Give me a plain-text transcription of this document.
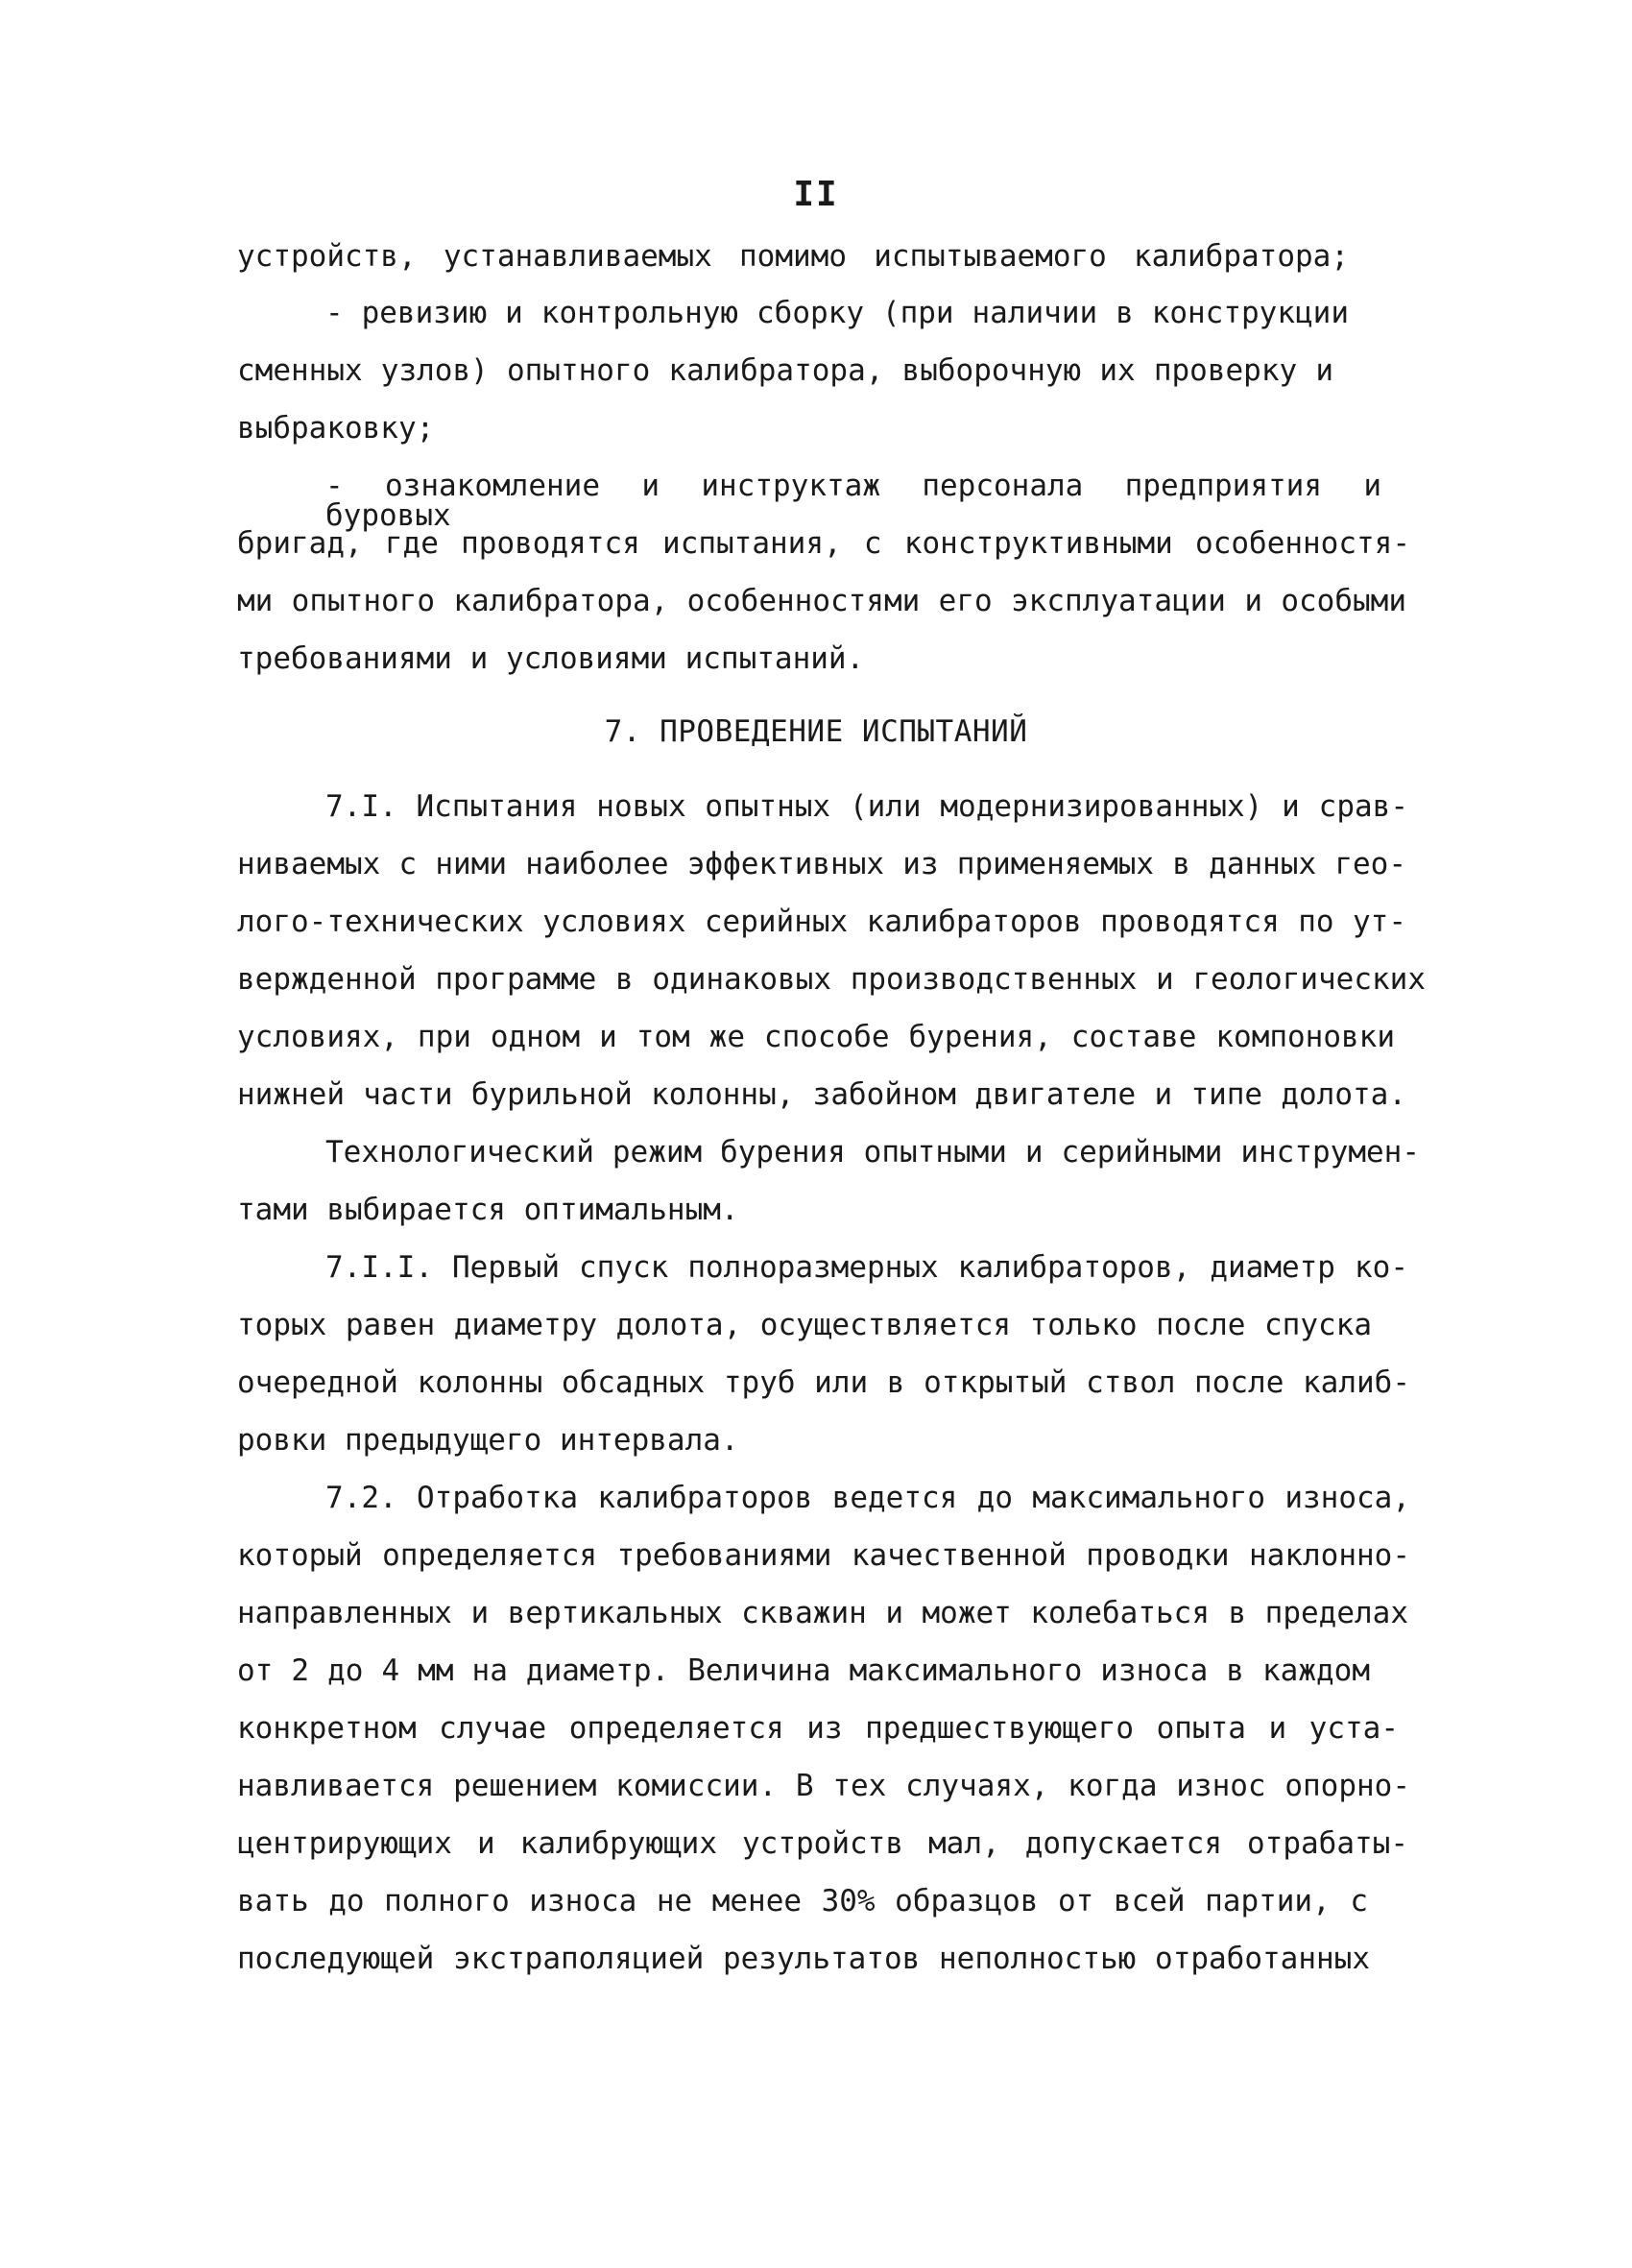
II
устройств, устанавливаемых помимо испытываемого калибратора;
- ревизию и контрольную сборку (при наличии в конструкции
сменных узлов) опытного калибратора, выборочную их проверку и
выбраковку;
- ознакомление и инструктаж персонала предприятия и буровых
бригад, где проводятся испытания, с конструктивными особенностя-
ми опытного калибратора, особенностями его эксплуатации и особыми
требованиями и условиями испытаний.
7. ПРОВЕДЕНИЕ ИСПЫТАНИЙ
7.I. Испытания новых опытных (или модернизированных) и срав-
ниваемых с ними наиболее эффективных из применяемых в данных гео-
лого-технических условиях серийных калибраторов проводятся по ут-
вержденной программе в одинаковых производственных и геологических
условиях, при одном и том же способе бурения, составе компоновки
нижней части бурильной колонны, забойном двигателе и типе долота.
Технологический режим бурения опытными и серийными инструмен-
тами выбирается оптимальным.
7.I.I. Первый спуск полноразмерных калибраторов, диаметр ко-
торых равен диаметру долота, осуществляется только после спуска
очередной колонны обсадных труб или в открытый ствол после калиб-
ровки предыдущего интервала.
7.2. Отработка калибраторов ведется до максимального износа,
который определяется требованиями качественной проводки наклонно-
направленных и вертикальных скважин и может колебаться в пределах
от 2 до 4 мм на диаметр. Величина максимального износа в каждом
конкретном случае определяется из предшествующего опыта и уста-
навливается решением комиссии. В тех случаях, когда износ опорно-
центрирующих и калибрующих устройств мал, допускается отрабаты-
вать до полного износа не менее 30% образцов от всей партии, с
последующей экстраполяцией результатов неполностью отработанных
